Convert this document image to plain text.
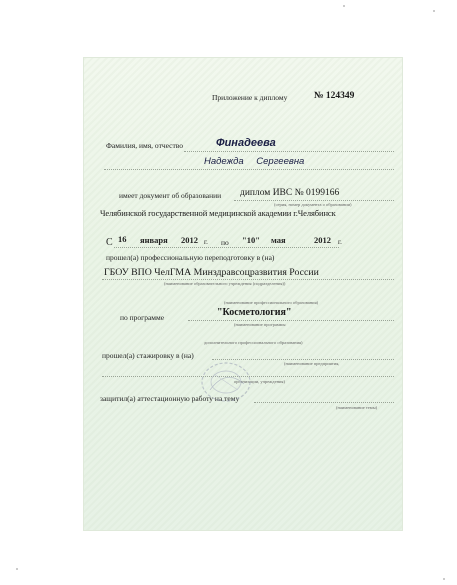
Приложение к диплому	№ 124349
Фамилия, имя, отчество	Финадеева
Надежда Сергеевна
имеет документ об образовании диплом ИВС № 0199166
(серия, номер документа о образовании)
Челябинской государственной медицинской академии г.Челябинск
С 16 января 2012 г. по "10" мая	2012 г.
прошел(а) профессиональную переподготовку в (на)
ГБОУ ВПО ЧелГМА Минздравсоцразвития России
(наименование образовательного учреждения (подразделения))
(наименование профессионального образования)
по программе	"Косметология"
(наименование программы
дополнительного профессионального образования)
прошел(а) стажировку в (на)
(наименование предприятия,
организации, учреждения)
защитил(а) аттестационную работу на тему
(наименование темы)
